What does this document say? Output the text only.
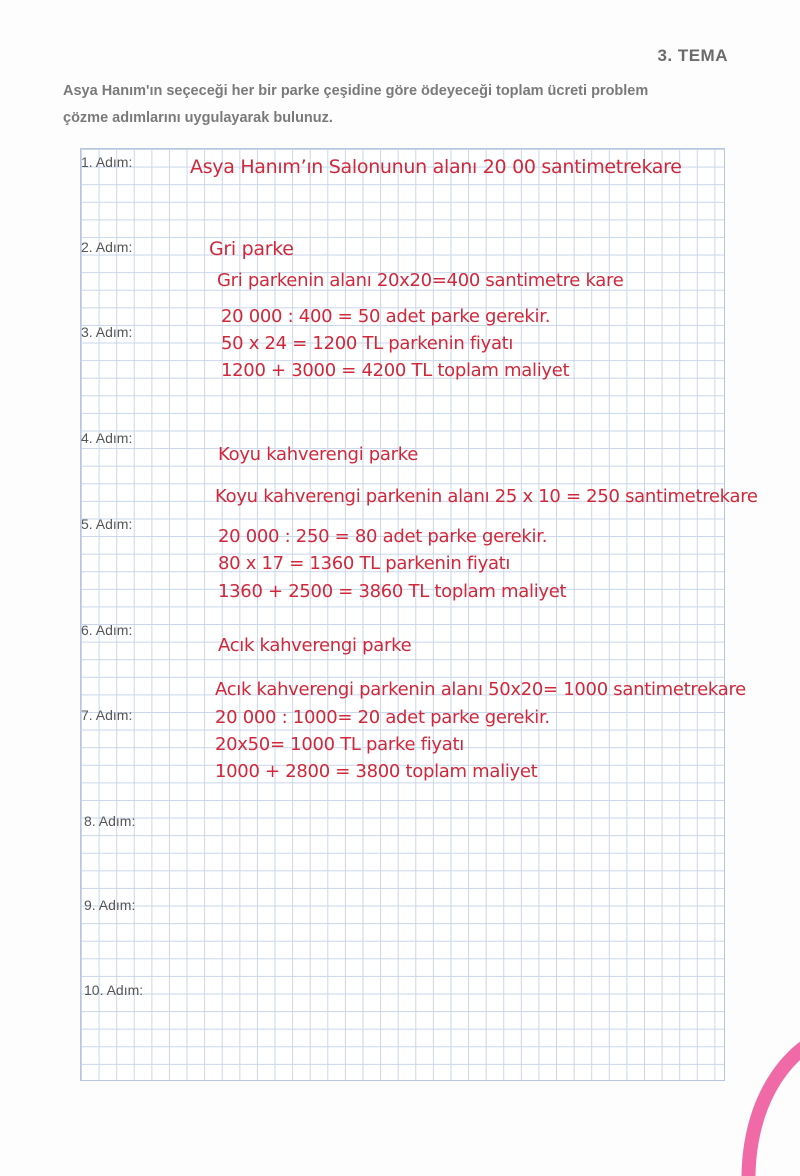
3. TEMA
Asya Hanım'ın seçeceği her bir parke çeşidine göre ödeyeceği toplam ücreti problem
çözme adımlarını uygulayarak bulunuz.
1. Adım:
2. Adım:
3. Adım:
4. Adım:
5. Adım:
6. Adım:
7. Adım:
8. Adım:
9. Adım:
10. Adım:
Asya Hanım’ın Salonunun alanı 20 00 santimetrekare
Gri parke
Gri parkenin alanı 20x20=400 santimetre kare
20 000 : 400 = 50 adet parke gerekir.
50 x 24 = 1200 TL parkenin fiyatı
1200 + 3000 = 4200 TL toplam maliyet
Koyu kahverengi parke
Koyu kahverengi parkenin alanı 25 x 10 = 250 santimetrekare
20 000 : 250 = 80 adet parke gerekir.
80 x 17 = 1360 TL parkenin fiyatı
1360 + 2500 = 3860 TL toplam maliyet
Acık kahverengi parke
Acık kahverengi parkenin alanı 50x20= 1000 santimetrekare
20 000 : 1000= 20 adet parke gerekir.
20x50= 1000 TL parke fiyatı
1000 + 2800 = 3800 toplam maliyet
